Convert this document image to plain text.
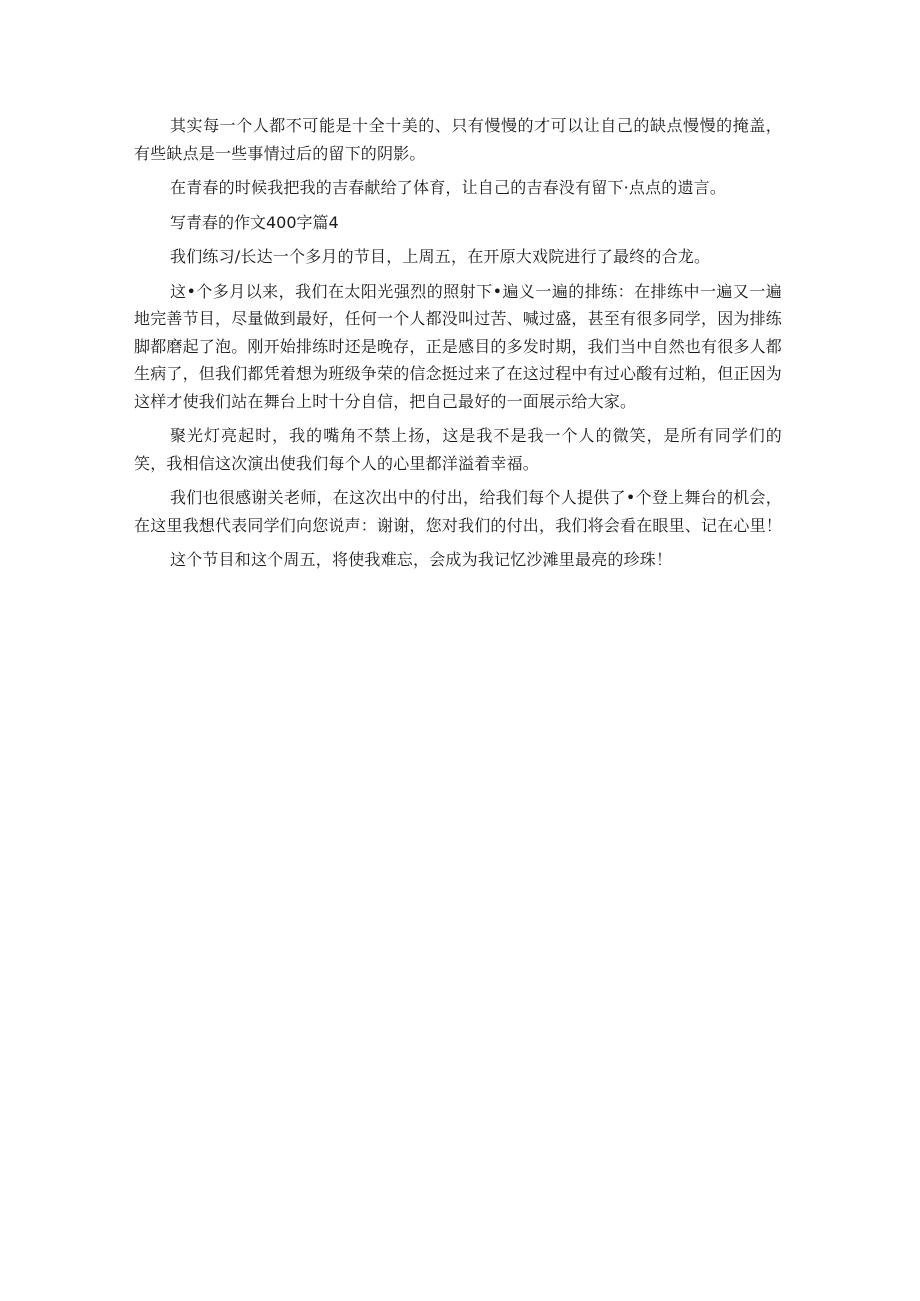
其实每一个人都不可能是十全十美的、只有慢慢的才可以让自己的缺点慢慢的掩盖，有些缺点是一些事情过后的留下的阴影。

在青春的时候我把我的吉春献给了体育，让自己的吉春没有留下·点点的遗言。

写青春的作文400字篇4

我们练习/长达一个多月的节目，上周五，在开原大戏院进行了最终的合龙。

这•个多月以来，我们在太阳光强烈的照射下•遍义一遍的排练：在排练中一遍又一遍地完善节目，尽量做到最好，任何一个人都没叫过苦、喊过盛，甚至有很多同学，因为排练脚都磨起了泡。刚开始排练时还是晚存，正是感目的多发时期，我们当中自然也有很多人都生病了，但我们都凭着想为班级争荣的信念挺过来了在这过程中有过心酸有过粕，但正因为这样才使我们站在舞台上时十分自信，把自己最好的一面展示给大家。

聚光灯亮起时，我的嘴角不禁上扬，这是我不是我一个人的微笑，是所有同学们的笑，我相信这次演出使我们每个人的心里都洋溢着幸福。

我们也很感谢关老师，在这次出中的付出，给我们每个人提供了•个登上舞台的机会，在这里我想代表同学们向您说声：谢谢，您对我们的付出，我们将会看在眼里、记在心里！

这个节目和这个周五，将使我难忘，会成为我记忆沙滩里最亮的珍珠！
